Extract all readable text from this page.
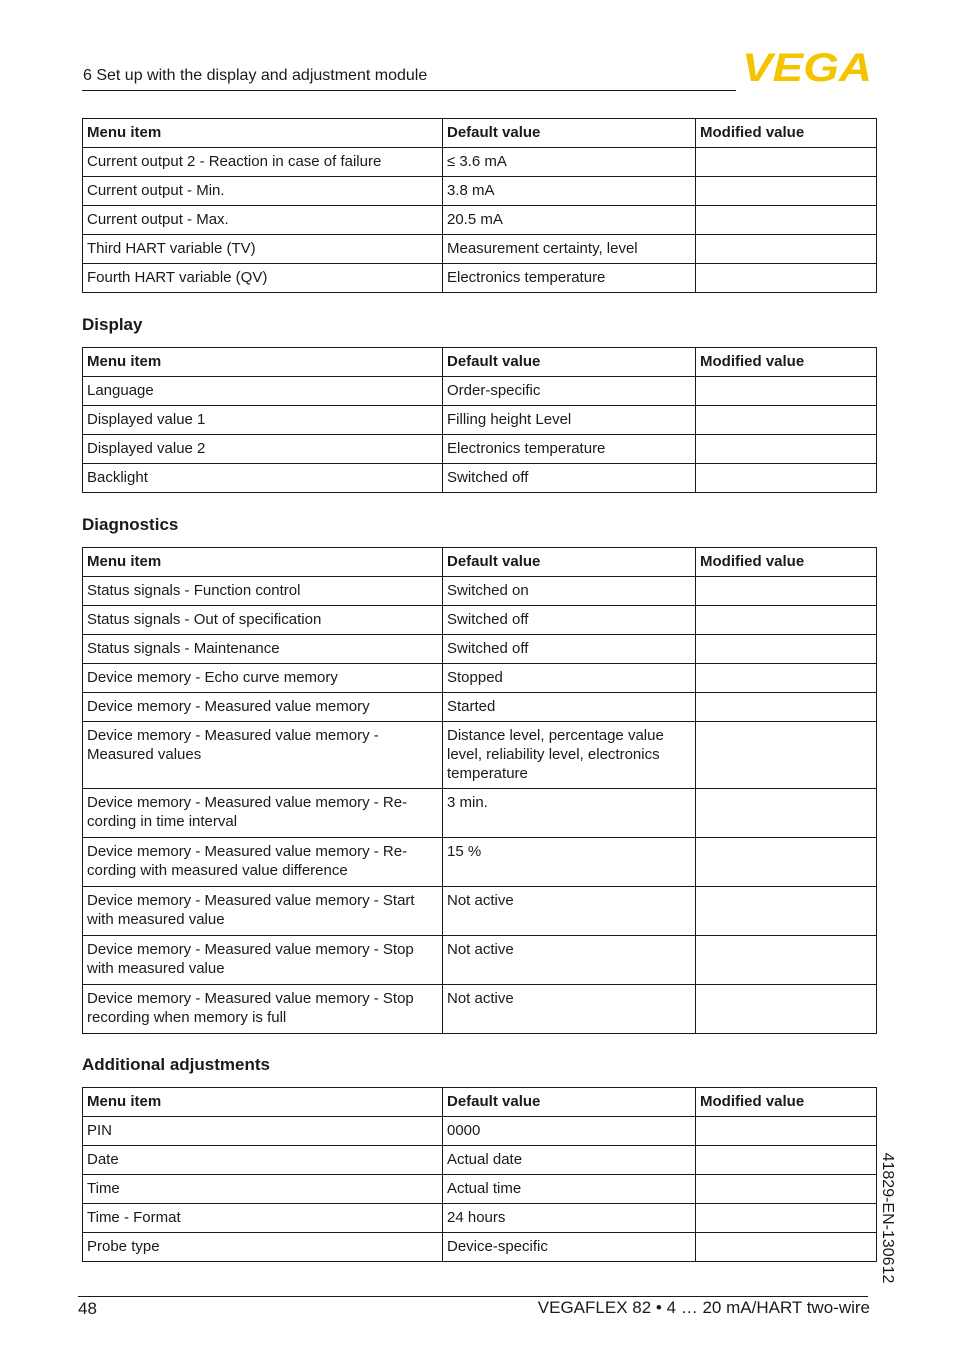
6 Set up with the display and adjustment module	VEGA
Menu item	Default value	Modified value
Current output 2 - Reaction in case of failure	≤ 3.6 mA	
Current output - Min.	3.8 mA	
Current output - Max.	20.5 mA	
Third HART variable (TV)	Measurement certainty, level	
Fourth HART variable (QV)	Electronics temperature	
Display
Menu item	Default value	Modified value
Language	Order-specific	
Displayed value 1	Filling height Level	
Displayed value 2	Electronics temperature	
Backlight	Switched off	
Diagnostics
Menu item	Default value	Modified value
Status signals - Function control	Switched on	
Status signals - Out of specification	Switched off	
Status signals - Maintenance	Switched off	
Device memory - Echo curve memory	Stopped	
Device memory - Measured value memory	Started	
Device memory - Measured value memory - Measured values	Distance level, percentage value level, reliability level, electronics temperature	
Device memory - Measured value memory - Re-cording in time interval	3 min.	
Device memory - Measured value memory - Re-cording with measured value difference	15 %	
Device memory - Measured value memory - Start with measured value	Not active	
Device memory - Measured value memory - Stop with measured value	Not active	
Device memory - Measured value memory - Stop recording when memory is full	Not active	
Additional adjustments
Menu item	Default value	Modified value
PIN	0000	
Date	Actual date	
Time	Actual time	
Time - Format	24 hours	
Probe type	Device-specific		41829-EN-130612
48	VEGAFLEX 82 • 4 … 20 mA/HART two-wire
